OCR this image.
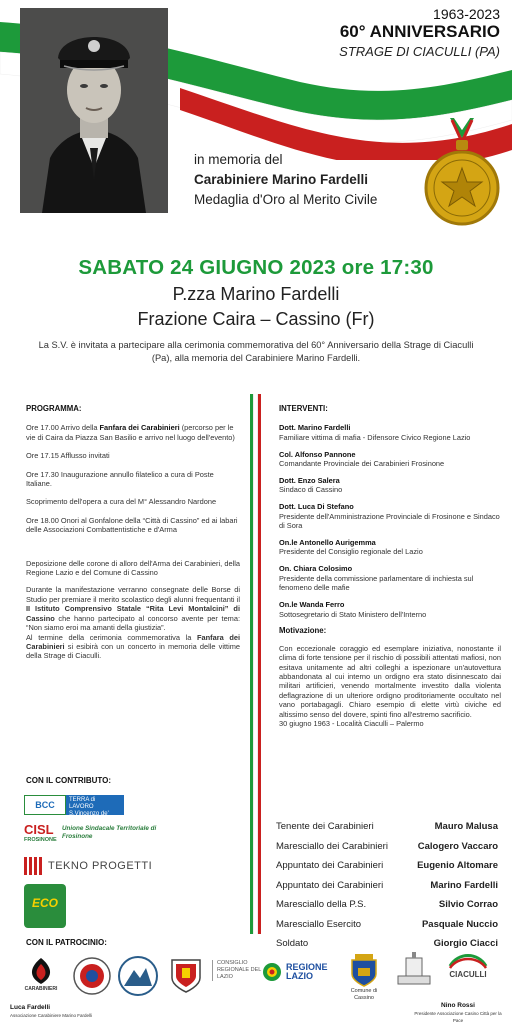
1963-2023
60° ANNIVERSARIO
STRAGE DI CIACULLI (PA)
in memoria del
Carabiniere Marino Fardelli
Medaglia d'Oro al Merito Civile
SABATO 24 GIUGNO 2023 ore 17:30
P.zza Marino Fardelli
Frazione Caira – Cassino (Fr)
La S.V. è invitata a partecipare alla cerimonia commemorativa del 60° Anniversario della Strage di Ciaculli (Pa), alla memoria del Carabiniere Marino Fardelli.
PROGRAMMA:
Ore 17.00 Arrivo della Fanfara dei Carabinieri (percorso per le vie di Caira da Piazza San Basilio e arrivo nel luogo dell'evento)
Ore 17.15 Afflusso invitati
Ore 17.30 Inaugurazione annullo filatelico a cura di Poste Italiane.
Scoprimento dell'opera a cura del M° Alessandro Nardone
Ore 18.00 Onori al Gonfalone della “Città di Cassino” ed ai labari delle Associazioni Combattentistiche e d'Arma
Deposizione delle corone di alloro dell'Arma dei Carabinieri, della Regione Lazio e del Comune di Cassino
Durante la manifestazione verranno consegnate delle Borse di Studio per premiare il merito scolastico degli alunni frequentanti il II Istituto Comprensivo Statale “Rita Levi Montalcini” di Cassino che hanno partecipato al concorso avente per tema: “Non siamo eroi ma amanti della giustizia”.
Al termine della cerimonia commemorativa la Fanfara dei Carabinieri si esibirà con un concerto in memoria delle vittime della Strage di Ciaculli.
INTERVENTI:
Dott. Marino Fardelli
Familiare vittima di mafia - Difensore Civico Regione Lazio
Col. Alfonso Pannone
Comandante Provinciale dei Carabinieri Frosinone
Dott. Enzo Salera
Sindaco di Cassino
Dott. Luca Di Stefano
Presidente dell'Amministrazione Provinciale di Frosinone e Sindaco di Sora
On.le Antonello Aurigemma
Presidente del Consiglio regionale del Lazio
On. Chiara Colosimo
Presidente della commissione parlamentare di inchiesta sul fenomeno delle mafie
On.le Wanda Ferro
Sottosegretario di Stato Ministero dell'Interno
Motivazione:
Con eccezionale coraggio ed esemplare iniziativa, nonostante il clima di forte tensione per il rischio di possibili attentati mafiosi, non esitava unitamente ad altri colleghi a ispezionare un'autovettura abbandonata al cui interno un ordigno era stato disinnescato dai militari artificieri, venendo mortalmente investito dalla violenta deflagrazione di un ulteriore ordigno proditoriamente occultato nel vano portabagagli. Chiaro esempio di elette virtù civiche ed altissimo senso del dovere, spinti fino all'estremo sacrificio.
30 giugno 1963 - Località Ciaculli – Palermo
Tenente dei Carabinieri	Mauro Malusa
Maresciallo dei Carabinieri	Calogero Vaccaro
Appuntato dei Carabinieri	Eugenio Altomare
Appuntato dei Carabinieri	Marino Fardelli
Maresciallo della P.S.	Silvio Corrao
Maresciallo Esercito	Pasquale Nuccio
Soldato	Giorgio Ciacci
CON IL CONTRIBUTO:
BCC	TERRA di LAVORO S.Vincenzo de' Paoli
CISL
FROSINONE
Unione Sindacale Territoriale di Frosinone
TEKNO PROGETTI
ECO
CON IL PATROCINIO:
CARABINIERI
Luca Fardelli
Associazione Carabiniere Marino Fardelli
CONSIGLIO REGIONALE DEL LAZIO
REGIONE LAZIO
Comune di Cassino
CIACULLI
Nino Rossi
Presidente Associazione Casino Città per la Pace
